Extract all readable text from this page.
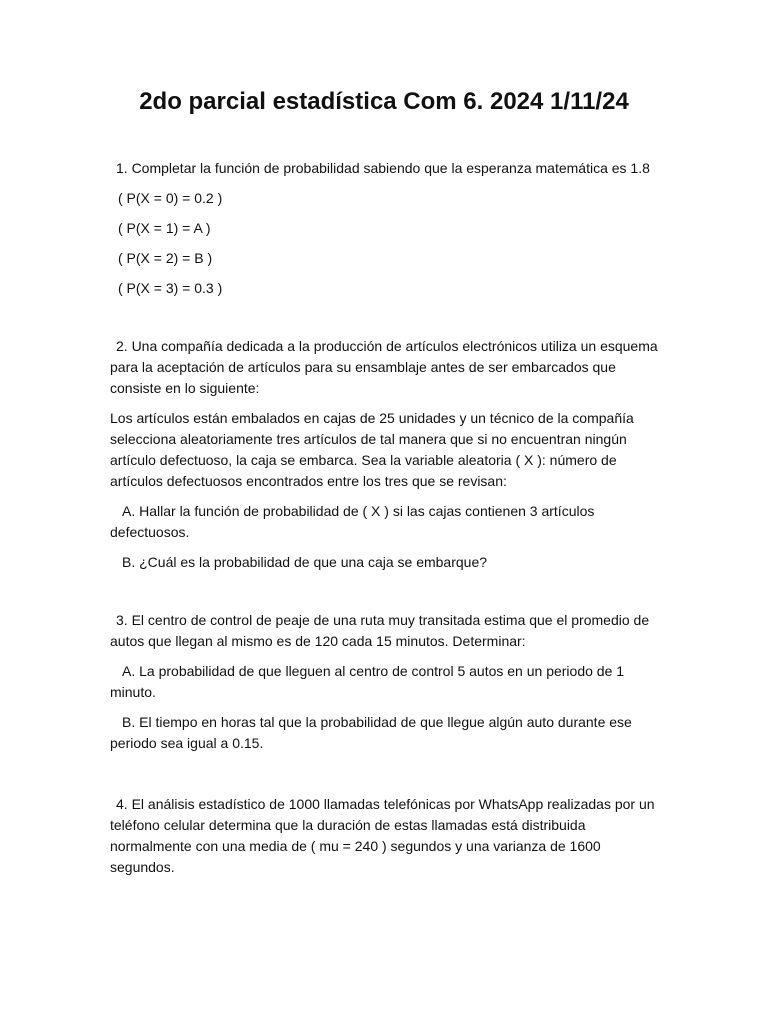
2do parcial estadística Com 6. 2024 1/11/24

1. Completar la función de probabilidad sabiendo que la esperanza matemática es 1.8

( P(X = 0) = 0.2 )

( P(X = 1) = A )

( P(X = 2) = B )

( P(X = 3) = 0.3 )

2. Una compañía dedicada a la producción de artículos electrónicos utiliza un esquema para la aceptación de artículos para su ensamblaje antes de ser embarcados que consiste en lo siguiente:

Los artículos están embalados en cajas de 25 unidades y un técnico de la compañía selecciona aleatoriamente tres artículos de tal manera que si no encuentran ningún artículo defectuoso, la caja se embarca. Sea la variable aleatoria ( X ): número de artículos defectuosos encontrados entre los tres que se revisan:

A. Hallar la función de probabilidad de ( X ) si las cajas contienen 3 artículos defectuosos.

B. ¿Cuál es la probabilidad de que una caja se embarque?

3. El centro de control de peaje de una ruta muy transitada estima que el promedio de autos que llegan al mismo es de 120 cada 15 minutos. Determinar:

A. La probabilidad de que lleguen al centro de control 5 autos en un periodo de 1 minuto.

B. El tiempo en horas tal que la probabilidad de que llegue algún auto durante ese periodo sea igual a 0.15.

4. El análisis estadístico de 1000 llamadas telefónicas por WhatsApp realizadas por un teléfono celular determina que la duración de estas llamadas está distribuida normalmente con una media de ( mu = 240 ) segundos y una varianza de 1600 segundos.
